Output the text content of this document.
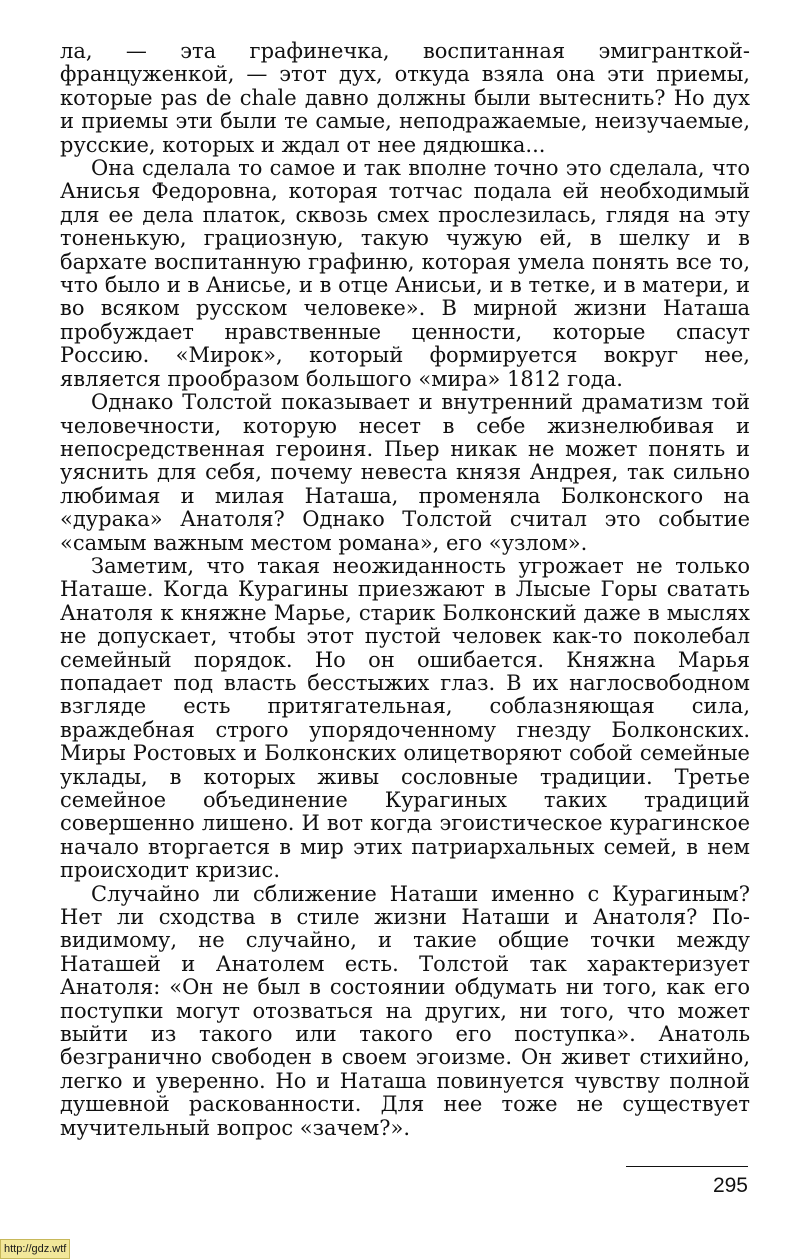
ла, — эта графинечка, воспитанная эмигранткой-француженкой, — этот дух, откуда взяла она эти приемы, которые pas de chale давно должны были вытеснить? Но дух и приемы эти были те самые, неподражаемые, неизучаемые, русские, которых и ждал от нее дядюшка...

Она сделала то самое и так вполне точно это сделала, что Анисья Федоровна, которая тотчас подала ей необходимый для ее дела платок, сквозь смех прослезилась, глядя на эту тоненькую, грациозную, такую чужую ей, в шелку и в бархате воспитанную графиню, которая умела понять все то, что было и в Анисье, и в отце Анисьи, и в тетке, и в матери, и во всяком русском человеке». В мирной жизни Наташа пробуждает нравственные ценности, которые спасут Россию. «Мирок», который формируется вокруг нее, является прообразом большого «мира» 1812 года.

Однако Толстой показывает и внутренний драматизм той человечности, которую несет в себе жизнелюбивая и непосредственная героиня. Пьер никак не может понять и уяснить для себя, почему невеста князя Андрея, так сильно любимая и милая Наташа, променяла Болконского на «дурака» Анатоля? Однако Толстой считал это событие «самым важным местом романа», его «узлом».

Заметим, что такая неожиданность угрожает не только Наташе. Когда Курагины приезжают в Лысые Горы сватать Анатоля к княжне Марье, старик Болконский даже в мыслях не допускает, чтобы этот пустой человек как-то поколебал семейный порядок. Но он ошибается. Княжна Марья попадает под власть бесстыжих глаз. В их наглосвободном взгляде есть притягательная, соблазняющая сила, враждебная строго упорядоченному гнезду Болконских. Миры Ростовых и Болконских олицетворяют собой семейные уклады, в которых живы сословные традиции. Третье семейное объединение Курагиных таких традиций совершенно лишено. И вот когда эгоистическое курагинское начало вторгается в мир этих патриархальных семей, в нем происходит кризис.

Случайно ли сближение Наташи именно с Курагиным? Нет ли сходства в стиле жизни Наташи и Анатоля? По-видимому, не случайно, и такие общие точки между Наташей и Анатолем есть. Толстой так характеризует Анатоля: «Он не был в состоянии обдумать ни того, как его поступки могут отозваться на других, ни того, что может выйти из такого или такого его поступка». Анатоль безгранично свободен в своем эгоизме. Он живет стихийно, легко и уверенно. Но и Наташа повинуется чувству полной душевной раскованности. Для нее тоже не существует мучительный вопрос «зачем?».

295
http://gdz.wtf
